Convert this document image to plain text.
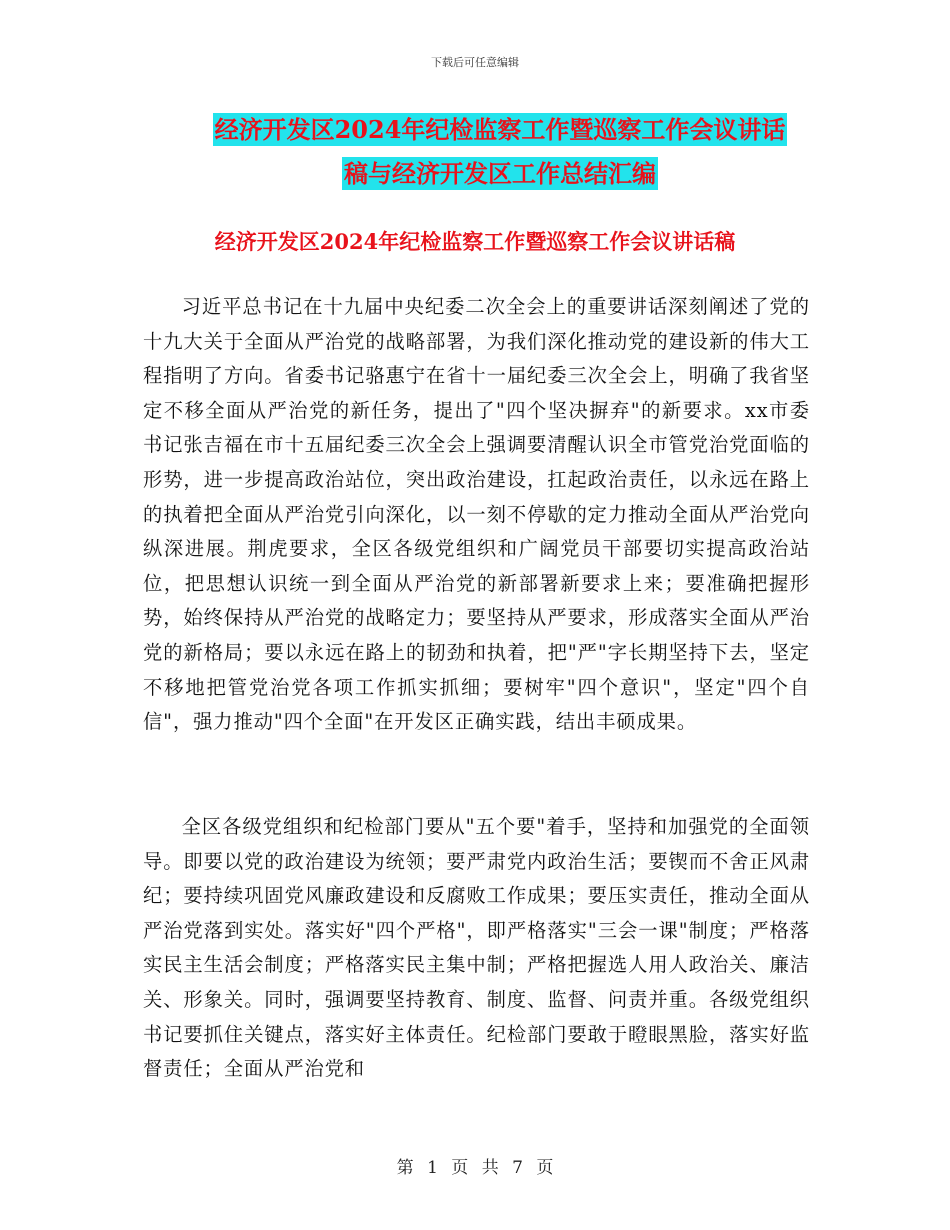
下载后可任意编辑
经济开发区2024年纪检监察工作暨巡察工作会议讲话
稿与经济开发区工作总结汇编
经济开发区2024年纪检监察工作暨巡察工作会议讲话稿

习近平总书记在十九届中央纪委二次全会上的重要讲话深刻阐述了党的十九大关于全面从严治党的战略部署，为我们深化推动党的建设新的伟大工程指明了方向。省委书记骆惠宁在省十一届纪委三次全会上，明确了我省坚定不移全面从严治党的新任务，提出了"四个坚决摒弃"的新要求。xx市委书记张吉福在市十五届纪委三次全会上强调要清醒认识全市管党治党面临的形势，进一步提高政治站位，突出政治建设，扛起政治责任，以永远在路上的执着把全面从严治党引向深化，以一刻不停歇的定力推动全面从严治党向纵深进展。荆虎要求，全区各级党组织和广阔党员干部要切实提高政治站位，把思想认识统一到全面从严治党的新部署新要求上来；要准确把握形势，始终保持从严治党的战略定力；要坚持从严要求，形成落实全面从严治党的新格局；要以永远在路上的韧劲和执着，把"严"字长期坚持下去，坚定不移地把管党治党各项工作抓实抓细；要树牢"四个意识"，坚定"四个自信"，强力推动"四个全面"在开发区正确实践，结出丰硕成果。

全区各级党组织和纪检部门要从"五个要"着手，坚持和加强党的全面领导。即要以党的政治建设为统领；要严肃党内政治生活；要锲而不舍正风肃纪；要持续巩固党风廉政建设和反腐败工作成果；要压实责任，推动全面从严治党落到实处。落实好"四个严格"，即严格落实"三会一课"制度；严格落实民主生活会制度；严格落实民主集中制；严格把握选人用人政治关、廉洁关、形象关。同时，强调要坚持教育、制度、监督、问责并重。各级党组织书记要抓住关键点，落实好主体责任。纪检部门要敢于瞪眼黑脸，落实好监督责任；全面从严治党和

第 1 页 共 7 页
